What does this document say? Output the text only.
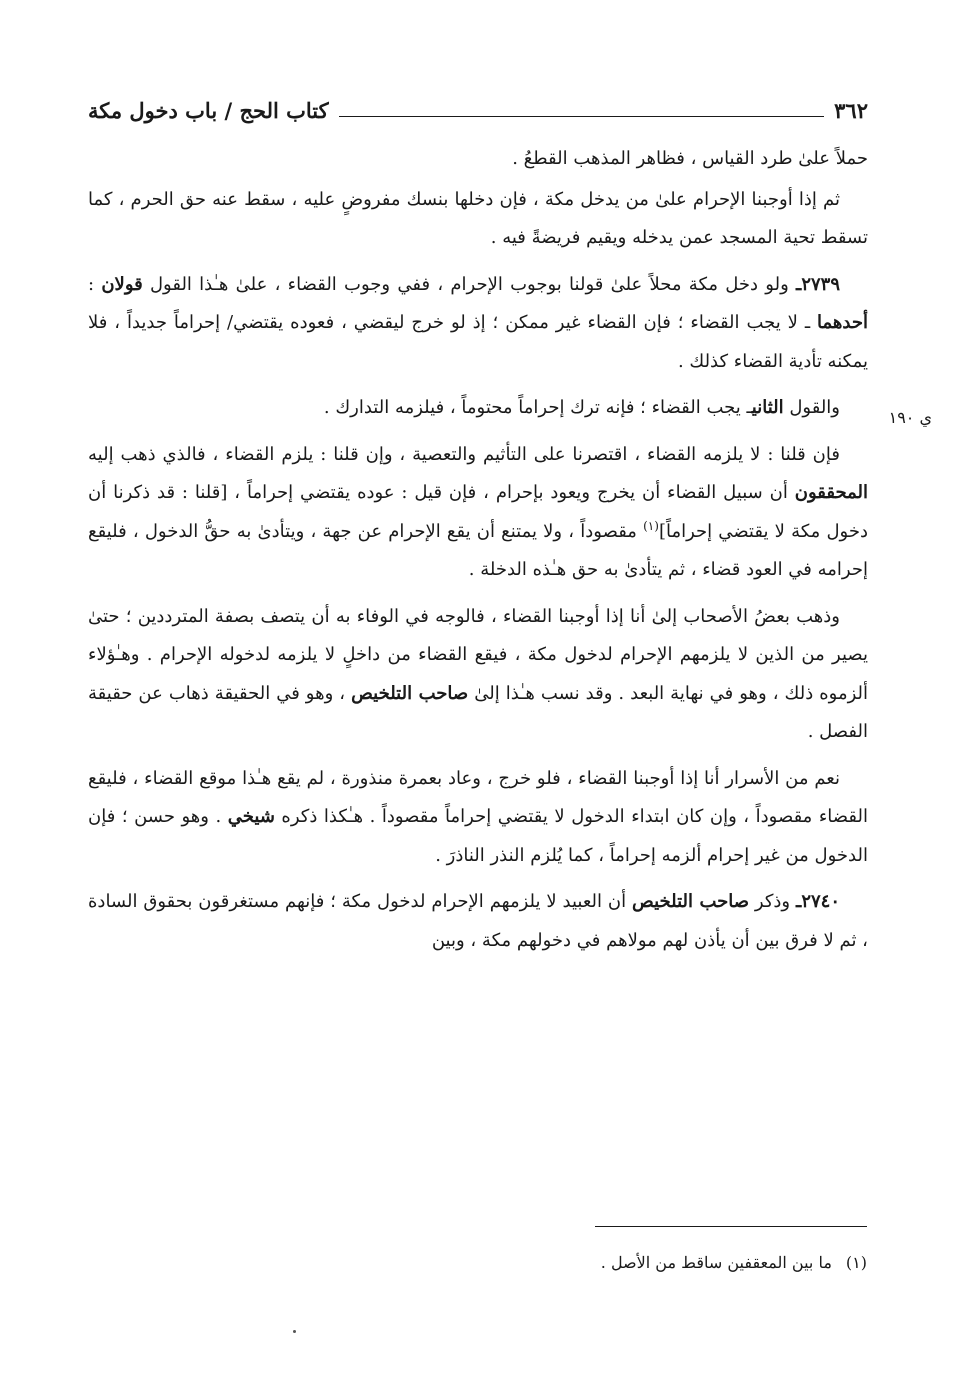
٣٦٢
كتاب الحج / باب دخول مكة
ي ١٩٠

حملاً علىٰ طرد القياس ، فظاهر المذهب القطعُ .

ثم إذا أوجبنا الإحرام علىٰ من يدخل مكة ، فإن دخلها بنسك مفروضٍ عليه ، سقط عنه حق الحرم ، كما تسقط تحية المسجد عمن يدخله ويقيم فريضةً فيه .

٢٧٣٩ـ ولو دخل مكة محلاً علىٰ قولنا بوجوب الإحرام ، ففي وجوب القضاء ، علىٰ هـٰذا القول قولان : أحدهما ـ لا يجب القضاء ؛ فإن القضاء غير ممكن ؛ إذ لو خرج ليقضي ، فعوده يقتضي/ إحراماً جديداً ، فلا يمكنه تأدية القضاء كذلك .

والقول الثانيـ يجب القضاء ؛ فإنه ترك إحراماً محتوماً ، فيلزمه التدارك .

فإن قلنا : لا يلزمه القضاء ، اقتصرنا على التأثيم والتعصية ، وإن قلنا : يلزم القضاء ، فالذي ذهب إليه المحققون أن سبيل القضاء أن يخرج ويعود بإحرام ، فإن قيل : عوده يقتضي إحراماً ، [قلنا : قد ذكرنا أن دخول مكة لا يقتضي إحراماً]$^{(١)}$ مقصوداً ، ولا يمتنع أن يقع الإحرام عن جهة ، ويتأدىٰ به حقُّ الدخول ، فليقع إحرامه في العود قضاء ، ثم يتأدىٰ به حق هـٰذه الدخلة .

وذهب بعضُ الأصحاب إلىٰ أنا إذا أوجبنا القضاء ، فالوجه في الوفاء به أن يتصف بصفة المترددين ؛ حتىٰ يصير من الذين لا يلزمهم الإحرام لدخول مكة ، فيقع القضاء من داخلٍ لا يلزمه لدخوله الإحرام . وهـٰؤلاء ألزموه ذلك ، وهو في نهاية البعد . وقد نسب هـٰذا إلىٰ صاحب التلخيص ، وهو في الحقيقة ذهاب عن حقيقة الفصل .

نعم من الأسرار أنا إذا أوجبنا القضاء ، فلو خرج ، وعاد بعمرة منذورة ، لم يقع هـٰذا موقع القضاء ، فليقع القضاء مقصوداً ، وإن كان ابتداء الدخول لا يقتضي إحراماً مقصوداً . هـٰكذا ذكره شيخي . وهو حسن ؛ فإن الدخول من غير إحرام ألزمه إحراماً ، كما يُلزم النذر الناذرَ .

٢٧٤٠ـ وذكر صاحب التلخيص أن العبيد لا يلزمهم الإحرام لدخول مكة ؛ فإنهم مستغرقون بحقوق السادة ، ثم لا فرق بين أن يأذن لهم مولاهم في دخولهم مكة ، وبين

(١)ما بين المعقفين ساقط من الأصل .
